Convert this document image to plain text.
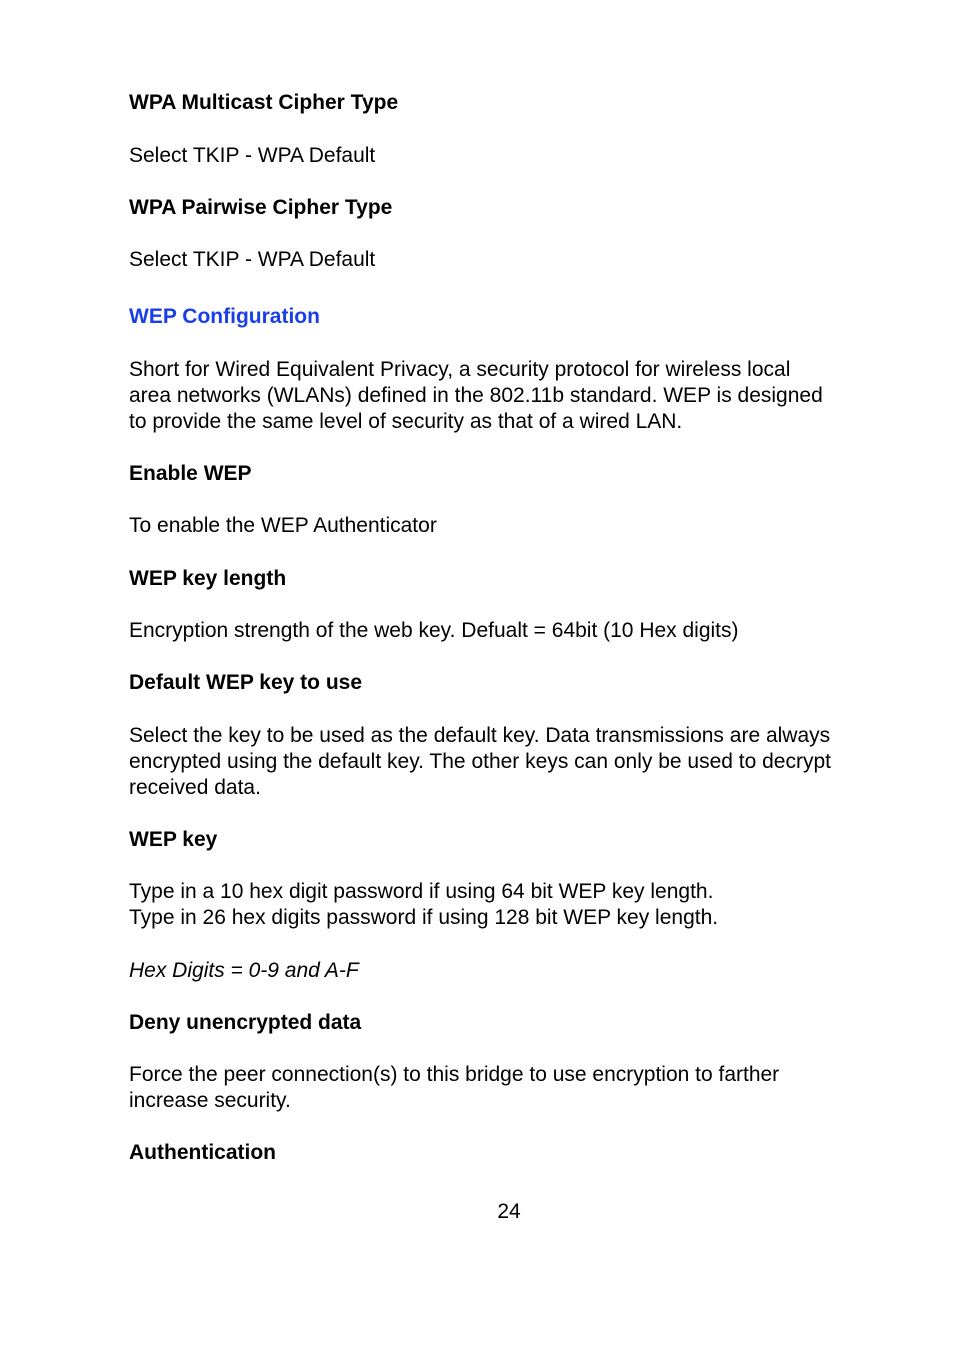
WPA Multicast Cipher Type

Select TKIP - WPA Default

WPA Pairwise Cipher Type

Select TKIP - WPA Default

WEP Configuration

Short for Wired Equivalent Privacy, a security protocol for wireless local

area networks (WLANs) defined in the 802.11b standard. WEP is designed

to provide the same level of security as that of a wired LAN.

Enable WEP

To enable the WEP Authenticator

WEP key length

Encryption strength of the web key. Defualt = 64bit (10 Hex digits)

Default WEP key to use

Select the key to be used as the default key. Data transmissions are always

encrypted using the default key. The other keys can only be used to decrypt

received data.

WEP key

Type in a 10 hex digit password if using 64 bit WEP key length.

Type in 26 hex digits password if using 128 bit WEP key length.

Hex Digits = 0-9 and A-F

Deny unencrypted data

Force the peer connection(s) to this bridge to use encryption to farther

increase security.

Authentication

24
